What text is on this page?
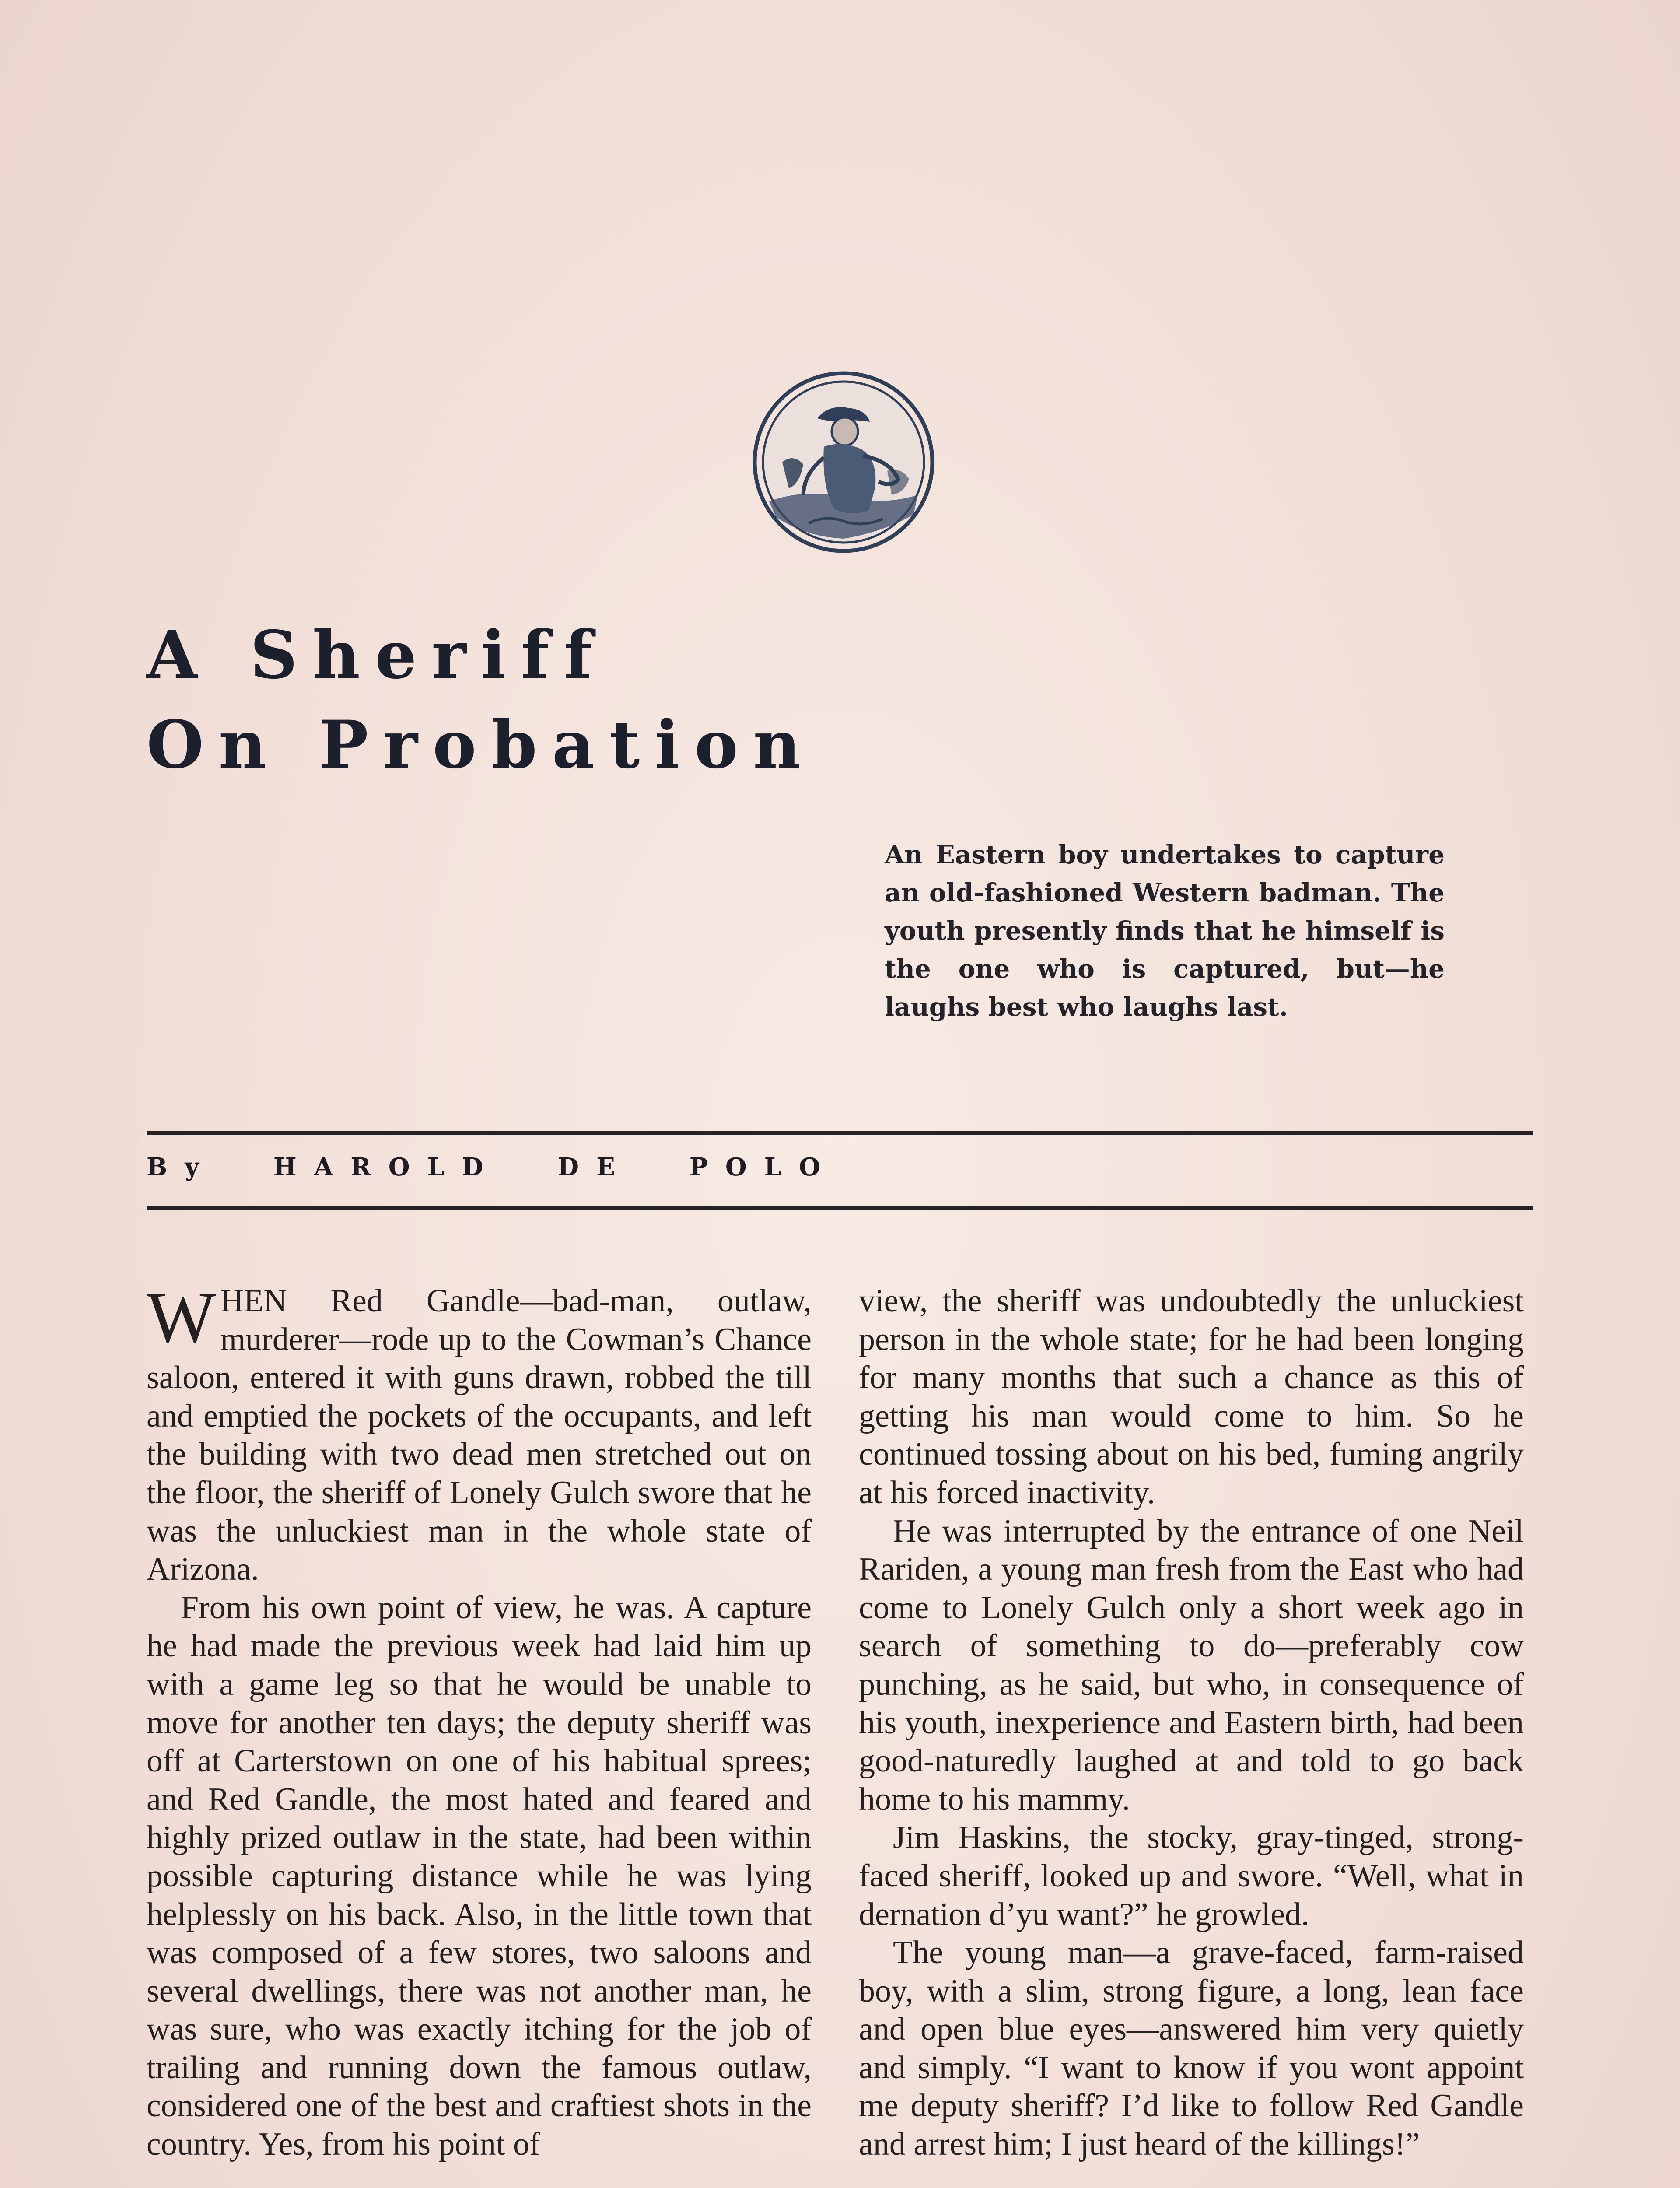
A Sheriff
On Probation
An Eastern boy undertakes to capture an old-fashioned Western badman. The youth presently finds that he himself is the one who is captured, but—he laughs best who laughs last.
By HAROLD DE POLO

WHEN Red Gandle—bad-man, outlaw, murderer—rode up to the Cowman’s Chance saloon, entered it with guns drawn, robbed the till and emptied the pockets of the occupants, and left the building with two dead men stretched out on the floor, the sheriff of Lonely Gulch swore that he was the unluckiest man in the whole state of Arizona.

From his own point of view, he was. A capture he had made the previous week had laid him up with a game leg so that he would be unable to move for another ten days; the deputy sheriff was off at Carterstown on one of his habitual sprees; and Red Gandle, the most hated and feared and highly prized outlaw in the state, had been within possible capturing distance while he was lying helplessly on his back. Also, in the little town that was composed of a few stores, two saloons and several dwellings, there was not another man, he was sure, who was exactly itching for the job of trailing and running down the famous outlaw, considered one of the best and craftiest shots in the country. Yes, from his point of

view, the sheriff was undoubtedly the unluckiest person in the whole state; for he had been longing for many months that such a chance as this of getting his man would come to him. So he continued tossing about on his bed, fuming angrily at his forced inactivity.

He was interrupted by the entrance of one Neil Rariden, a young man fresh from the East who had come to Lonely Gulch only a short week ago in search of something to do—preferably cow punching, as he said, but who, in consequence of his youth, inexperience and Eastern birth, had been good-naturedly laughed at and told to go back home to his mammy.

Jim Haskins, the stocky, gray-tinged, strong-faced sheriff, looked up and swore. “Well, what in dernation d’yu want?” he growled.

The young man—a grave-faced, farm-raised boy, with a slim, strong figure, a long, lean face and open blue eyes—answered him very quietly and simply. “I want to know if you wont appoint me deputy sheriff? I’d like to follow Red Gandle and arrest him; I just heard of the killings!”
